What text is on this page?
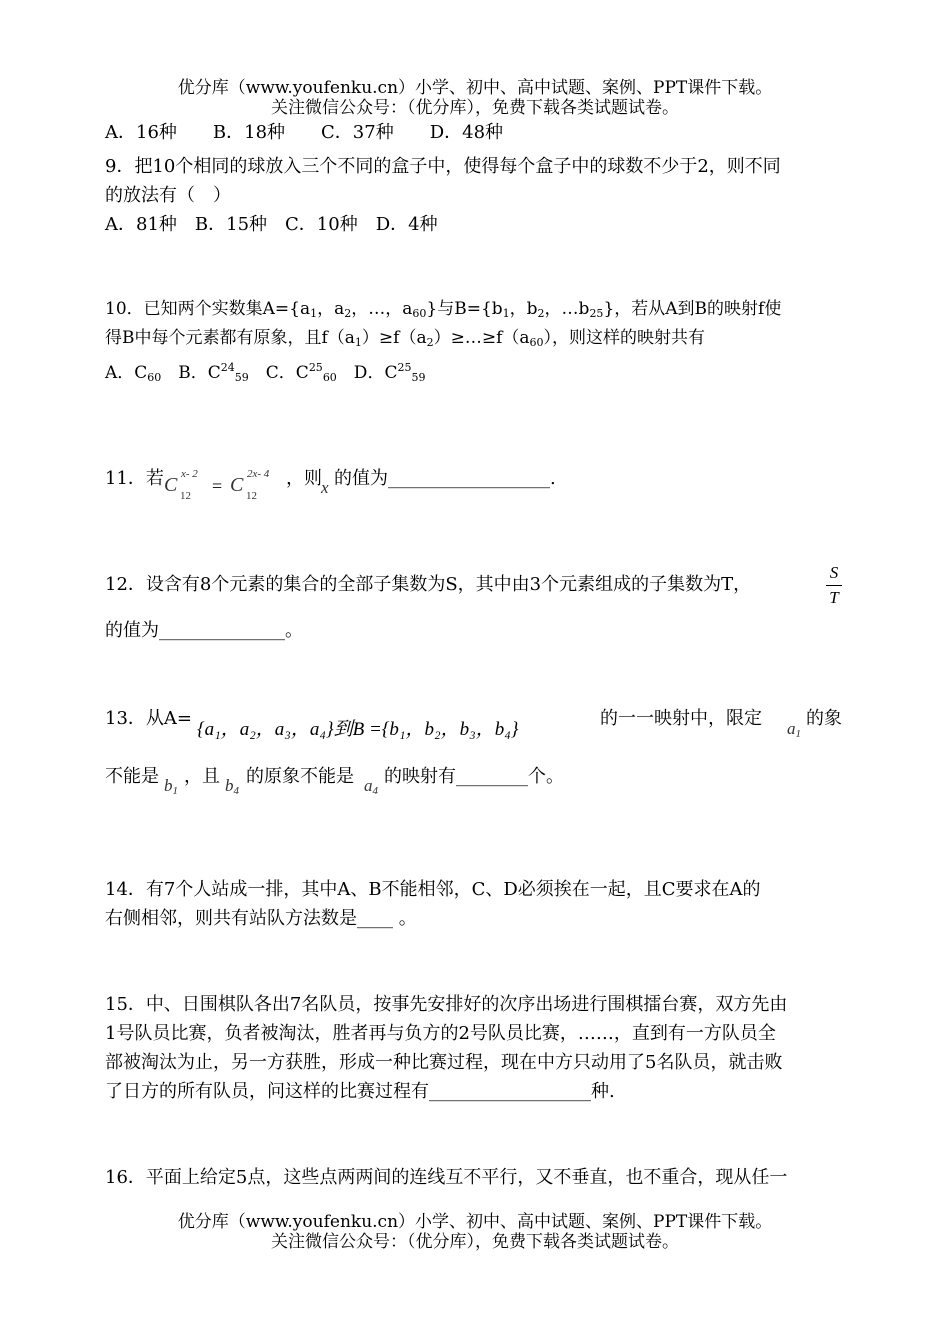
优分库（www.youfenku.cn）小学、初中、高中试题、案例、PPT课件下载。
关注微信公众号：（优分库），免费下载各类试题试卷。
A．16种　　B．18种　　C．37种　　D．48种
9．把10个相同的球放入三个不同的盒子中，使得每个盒子中的球数不少于2，则不同
的放法有（　）
A．81种　B．15种　C．10种　D．4种
10．已知两个实数集$A=\{a_1$，$a_2$，…，$a_{60}$}与$B=\{b_1$，$b_2$，$\dots b_{25}$}，若从A到B的映射f使
得B中每个元素都有原象，且$f(a_1)\ge f(a_2)\ge\dots\ge f(a_{60})$，则这样的映射共有
A．$C_{60}$　B．$C^{24}_{59}$　C．$C^{25}_{60}$　D．$C^{25}_{59}$
11．若 C x- 2
12 = C 2x- 4
12
，则 x 的值为__________________.
12．设含有8个元素的集合的全部子集数为S，其中由3个元素组成的子集数为T，
S
T
的值为______________。
13．从A=
{a₁，a₂，a₃，a₄}到B ={b₁，b₂，b₃，b₄}
的一一映射中，限定	$a_1$
的象
不能是 $b_1$
，且 $b_4$
的原象不能是 $a_4$
的映射有________个。
14．有7个人站成一排，其中A、B不能相邻，C、D必须挨在一起，且C要求在A的
右侧相邻，则共有站队方法数是____ 。
15．中、日围棋队各出7名队员，按事先安排好的次序出场进行围棋擂台赛，双方先由
1号队员比赛，负者被淘汰，胜者再与负方的2号队员比赛，……，直到有一方队员全
部被淘汰为止，另一方获胜，形成一种比赛过程，现在中方只动用了5名队员，就击败
了日方的所有队员，问这样的比赛过程有__________________种.
16．平面上给定5点，这些点两两间的连线互不平行，又不垂直，也不重合，现从任一
优分库（www.youfenku.cn）小学、初中、高中试题、案例、PPT课件下载。
关注微信公众号：（优分库），免费下载各类试题试卷。
